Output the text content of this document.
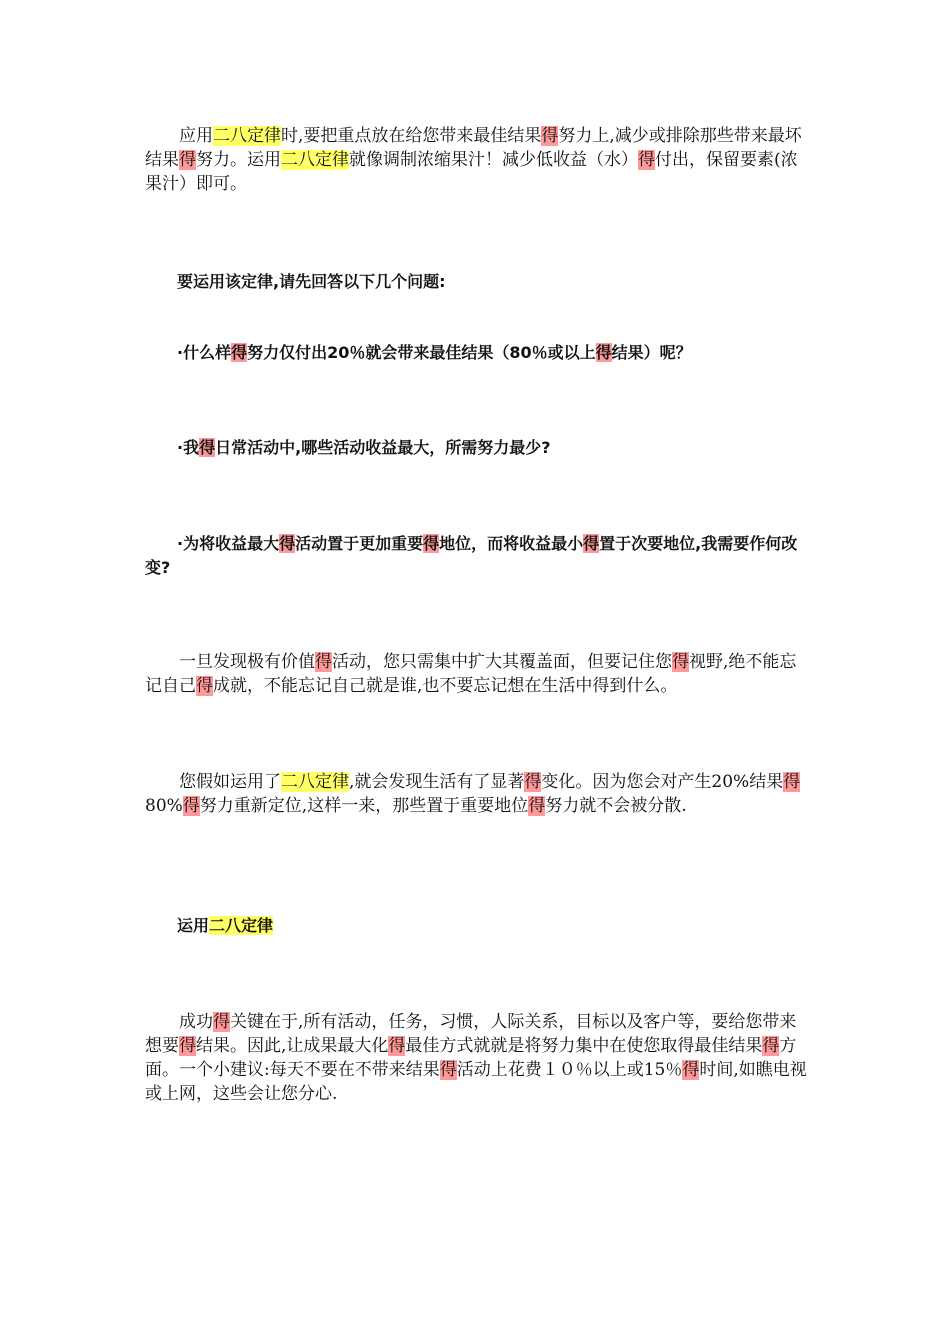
　　应用二八定律时,要把重点放在给您带来最佳结果得努力上,减少或排除那些带来最坏结果得努力。运用二八定律就像调制浓缩果汁！减少低收益（水）得付出，保留要素(浓果汁）即可。

　　要运用该定律,请先回答以下几个问题:

　　·什么样得努力仅付出20％就会带来最佳结果（80％或以上得结果）呢？

　　·我得日常活动中,哪些活动收益最大，所需努力最少?

　　·为将收益最大得活动置于更加重要得地位，而将收益最小得置于次要地位,我需要作何改变?

　　一旦发现极有价值得活动，您只需集中扩大其覆盖面，但要记住您得视野,绝不能忘记自己得成就，不能忘记自己就是谁,也不要忘记想在生活中得到什么。

　　您假如运用了二八定律,就会发现生活有了显著得变化。因为您会对产生20%结果得 80%得努力重新定位,这样一来，那些置于重要地位得努力就不会被分散.

　　运用二八定律

　　成功得关键在于,所有活动，任务，习惯，人际关系，目标以及客户等，要给您带来想要得结果。因此,让成果最大化得最佳方式就就是将努力集中在使您取得最佳结果得方面。一个小建议:每天不要在不带来结果得活动上花费１０％以上或15％得时间,如瞧电视或上网，这些会让您分心.
